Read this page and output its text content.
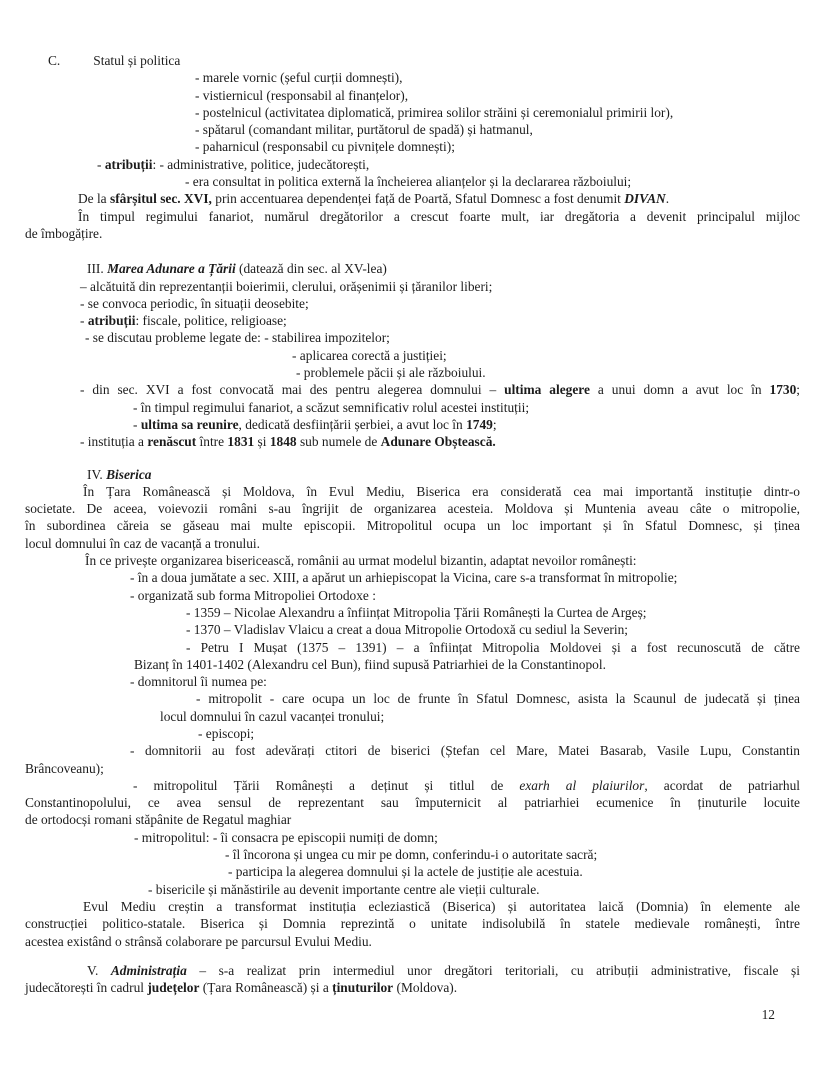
C. Statul și politica
- marele vornic (șeful curții domnești),
- vistiernicul (responsabil al finanțelor),
- postelnicul (activitatea diplomatică, primirea solilor străini și ceremonialul primirii lor),
- spătarul (comandant militar, purtătorul de spadă) și hatmanul,
- paharnicul (responsabil cu pivnițele domnești);
- atribuții: - administrative, politice, judecătorești,
- era consultat in politica externă la încheierea alianțelor și la declararea războiului;
De la sfârșitul sec. XVI, prin accentuarea dependenței față de Poartă, Sfatul Domnesc a fost denumit DIVAN.
În timpul regimului fanariot, numărul dregătorilor a crescut foarte mult, iar dregătoria a devenit principalul mijloc
de îmbogățire.
III. Marea Adunare a Țării (datează din sec. al XV-lea)
– alcătuită din reprezentanții boierimii, clerului, orășenimii și țăranilor liberi;
- se convoca periodic, în situații deosebite;
- atribuții: fiscale, politice, religioase;
- se discutau probleme legate de: - stabilirea impozitelor;
- aplicarea corectă a justiției;
- problemele păcii și ale războiului.
- din sec. XVI a fost convocată mai des pentru alegerea domnului – ultima alegere a unui domn a avut loc în 1730;
- în timpul regimului fanariot, a scăzut semnificativ rolul acestei instituții;
- ultima sa reunire, dedicată desființării șerbiei, a avut loc în 1749;
- instituția a renăscut între 1831 și 1848 sub numele de Adunare Obștească.
IV. Biserica
În Țara Românească și Moldova, în Evul Mediu, Biserica era considerată cea mai importantă instituție dintr-o
societate. De aceea, voievozii români s-au îngrijit de organizarea acesteia. Moldova și Muntenia aveau câte o mitropolie,
în subordinea căreia se găseau mai multe episcopii. Mitropolitul ocupa un loc important și în Sfatul Domnesc, și ținea
locul domnului în caz de vacanță a tronului.
În ce privește organizarea bisericească, românii au urmat modelul bizantin, adaptat nevoilor românești:
- în a doua jumătate a sec. XIII, a apărut un arhiepiscopat la Vicina, care s-a transformat în mitropolie;
- organizată sub forma Mitropoliei Ortodoxe :
- 1359 – Nicolae Alexandru a înființat Mitropolia Țării Românești la Curtea de Argeș;
- 1370 – Vladislav Vlaicu a creat a doua Mitropolie Ortodoxă cu sediul la Severin;
- Petru I Mușat (1375 – 1391) – a înființat Mitropolia Moldovei și a fost recunoscută de către
Bizanț în 1401-1402 (Alexandru cel Bun), fiind supusă Patriarhiei de la Constantinopol.
- domnitorul îi numea pe:
- mitropolit - care ocupa un loc de frunte în Sfatul Domnesc, asista la Scaunul de judecată și ținea
locul domnului în cazul vacanței tronului;
- episcopi;
- domnitorii au fost adevărați ctitori de biserici (Ștefan cel Mare, Matei Basarab, Vasile Lupu, Constantin
Brâncoveanu);
- mitropolitul Țării Românești a deținut și titlul de exarh al plaiurilor, acordat de patriarhul
Constantinopolului, ce avea sensul de reprezentant sau împuternicit al patriarhiei ecumenice în ținuturile locuite
de ortodocși romani stăpânite de Regatul maghiar
- mitropolitul: - îi consacra pe episcopii numiți de domn;
- îl încorona și ungea cu mir pe domn, conferindu-i o autoritate sacră;
- participa la alegerea domnului și la actele de justiție ale acestuia.
- bisericile și mănăstirile au devenit importante centre ale vieții culturale.
Evul Mediu creștin a transformat instituția ecleziastică (Biserica) și autoritatea laică (Domnia) în elemente ale
construcției politico-statale. Biserica și Domnia reprezintă o unitate indisolubilă în statele medievale românești, între
acestea existând o strânsă colaborare pe parcursul Evului Mediu.
V. Administrația – s-a realizat prin intermediul unor dregători teritoriali, cu atribuții administrative, fiscale și
judecătorești în cadrul județelor (Țara Românească) și a ținuturilor (Moldova).
12
